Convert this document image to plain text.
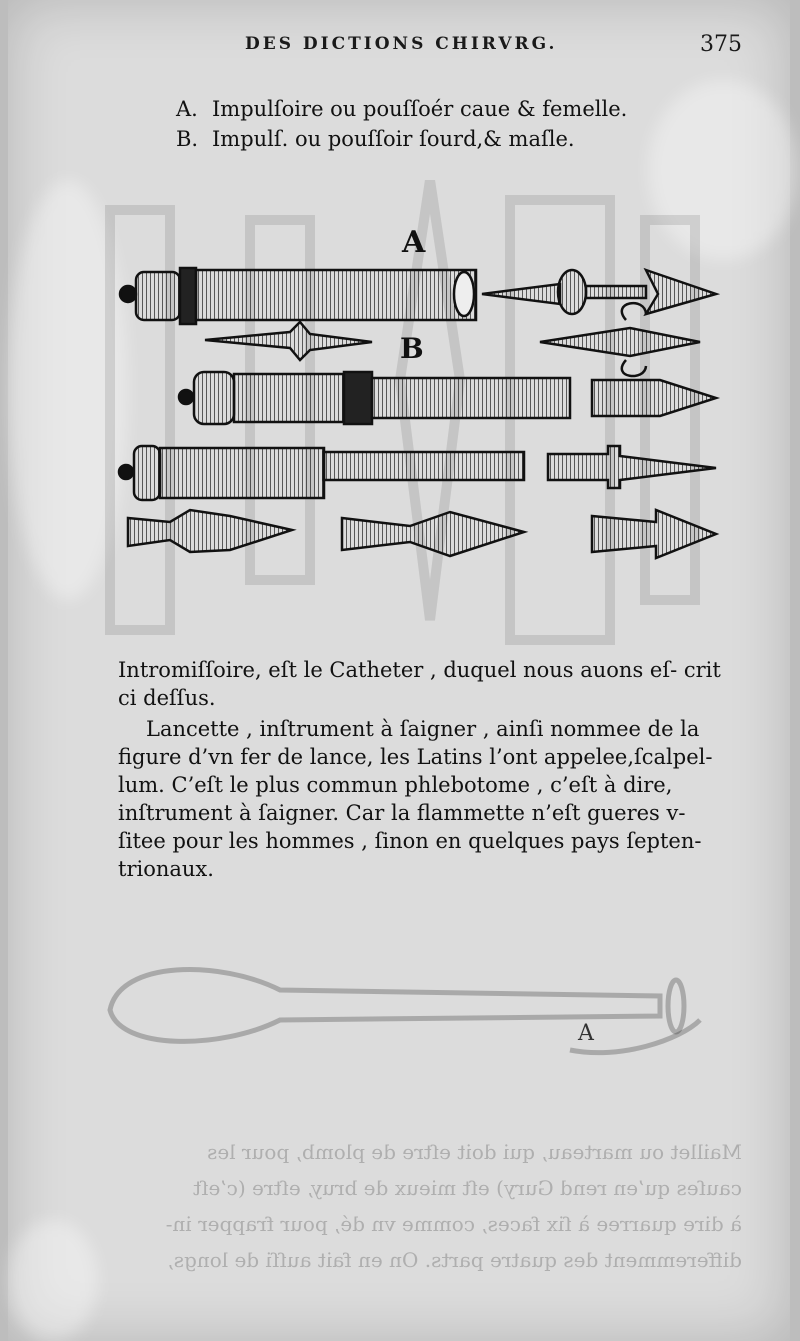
DES DICTIONS CHIRVRG.	375
A. Impulſoire ou pouſſoér caue & femelle.
B. Impulſ. ou pouſſoir ſourd,& maſle.
A
B

Intromiſſoire, eſt le Catheter , duquel nous auons eſ- crit ci deſſus.

Lancette , inſtrument à ſaigner , ainſi nommee de la figure d’vn fer de lance, les Latins l’ont appelee,ſcalpel- lum. C’eſt le plus commun phlebotome , c’eſt à dire, inſtrument à ſaigner. Car la flammette n’eſt gueres v- ſitee pour les hommes , ſinon en quelques pays ſepten- trionaux.

A
Maillet ou marteau, qui doit eſtre de plomb, pour les
cauſes qu’en rend Gury) eſt mieux de bruy, eſtre (c’eſt
à dire quarree à ſix faces, comme vn dé, pour frapper in-
differemment des quatre parts. On en fait auſſi de longs,
